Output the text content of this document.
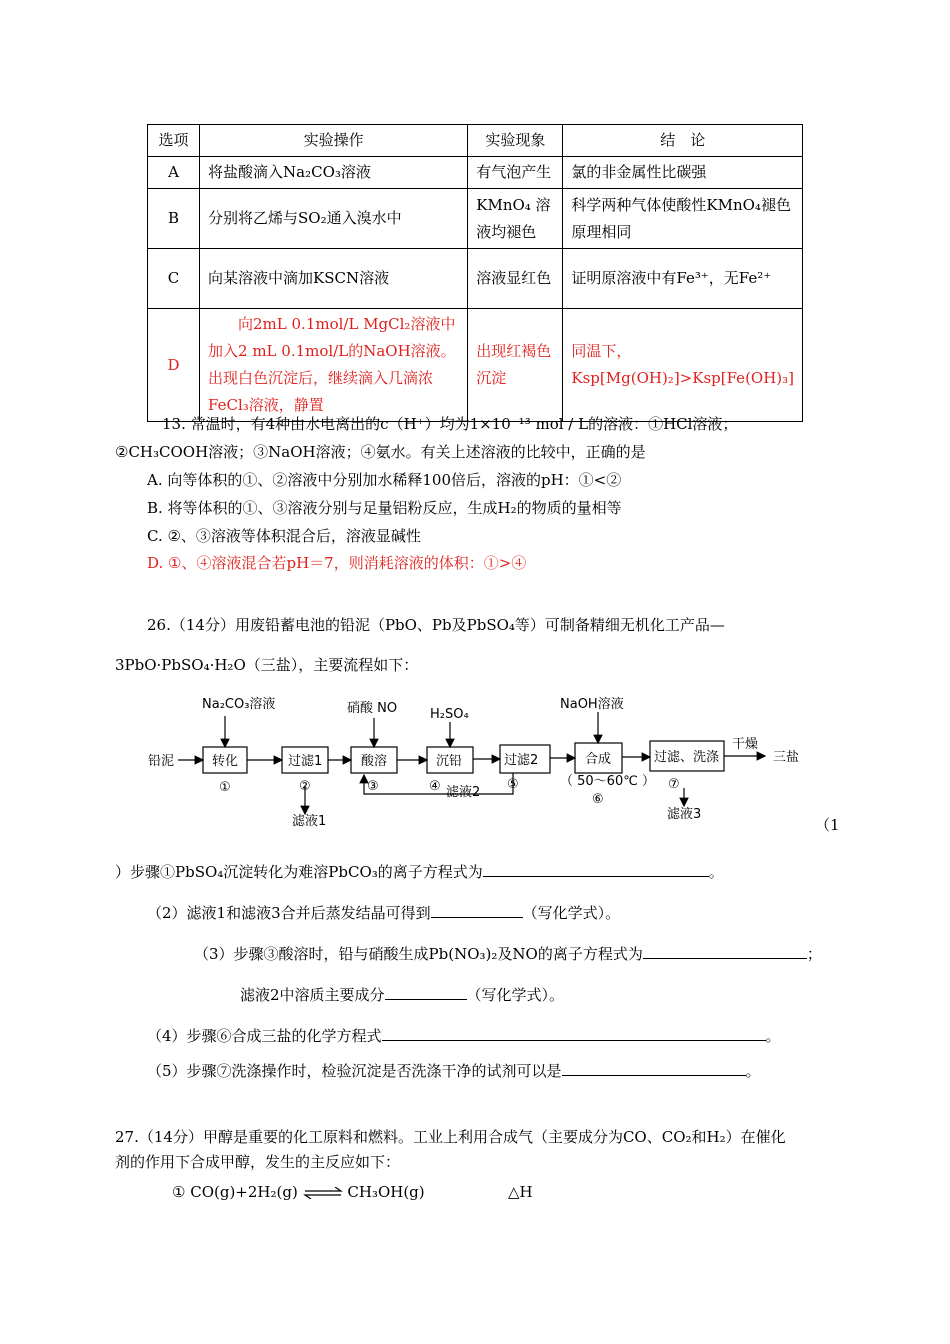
选项	实验操作	实验现象	结　论
A	将盐酸滴入Na₂CO₃溶液	有气泡产生	氯的非金属性比碳强
B	分别将乙烯与SO₂通入溴水中	KMnO₄ 溶 液均褪色	科学两种气体使酸性KMnO₄褪色原理相同
C	向某溶液中滴加KSCN溶液	溶液显红色	证明原溶液中有Fe³⁺，无Fe²⁺
D	　　向2mL 0.1mol/L MgCl₂溶液中加入2 mL 0.1mol/L的NaOH溶液。出现白色沉淀后，继续滴入几滴浓FeCl₃溶液，静置	出现红褐色沉淀	同温下，Ksp[Mg(OH)₂]>Ksp[Fe(OH)₃]
　13. 常温时，有4种由水电离出的c（H⁺）均为1×10⁻¹³ mol / L的溶液：①HCl溶液；
②CH₃COOH溶液；③NaOH溶液；④氨水。有关上述溶液的比较中，正确的是
A. 向等体积的①、②溶液中分别加水稀释100倍后，溶液的pH：①<②
B. 将等体积的①、③溶液分别与足量铝粉反应，生成H₂的物质的量相等
C. ②、③溶液等体积混合后，溶液显碱性
D. ①、④溶液混合若pH＝7，则消耗溶液的体积：①>④
26.（14分）用废铅蓄电池的铅泥（PbO、Pb及PbSO₄等）可制备精细无机化工产品—
3PbO·PbSO₄·H₂O（三盐），主要流程如下：
铅泥
Na₂CO₃溶液	硝酸 NO	H₂SO₄
NaOH溶液
转化	过滤1	酸溶	沉铅	过滤2	合成	过滤、洗涤
①	②	③	④	⑤	（ 50～60℃ ）
⑥
⑦
滤液1
滤液2
滤液3
干燥
三盐
（1
）步骤①PbSO₄沉淀转化为难溶PbCO₃的离子方程式为	。
（2）滤液1和滤液3合并后蒸发结晶可得到	（写化学式）。
（3）步骤③酸溶时，铅与硝酸生成Pb(NO₃)₂及NO的离子方程式为	；
滤液2中溶质主要成分	（写化学式）。
（4）步骤⑥合成三盐的化学方程式	。
（5）步骤⑦洗涤操作时，检验沉淀是否洗涤干净的试剂可以是	。
27.（14分）甲醇是重要的化工原料和燃料。工业上利用合成气（主要成分为CO、CO₂和H₂）在催化
剂的作用下合成甲醇，发生的主反应如下：
① CO(g)+2H₂(g) ⇌ CH₃OH(g)	△H
